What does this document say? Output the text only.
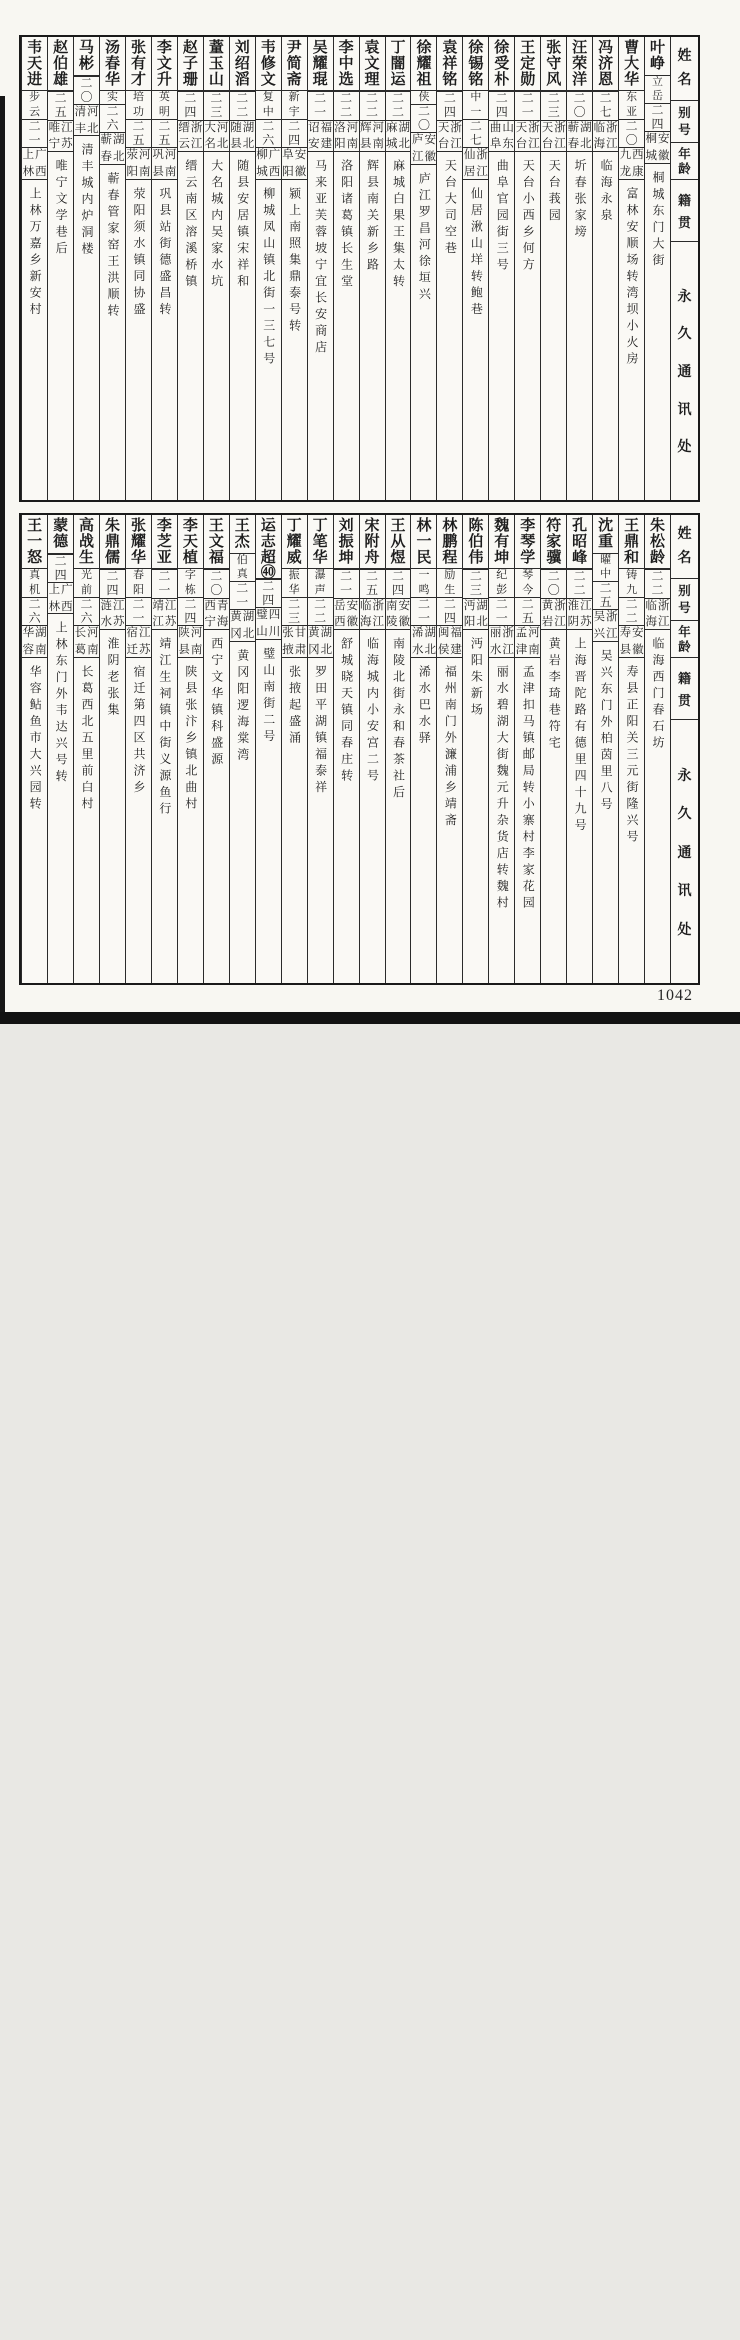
姓
名
别
号
年
龄
籍
贯
永
久
通
讯
处
叶
峥
立
岳
二
四
安
徽
桐
城
桐城东门大街
曹
大
华
东
亚
二
〇
西
康
九
龙
富林安顺场转湾坝小火房
冯
济
恩
二
七
浙
江
临
海
临海永泉
汪
荣
洋
二
〇
湖
北
蕲
春
圻春张家塝
张
守
风
二
三
浙
江
天
台
天台莪园
王
定
勋
二
一
浙
江
天
台
天台小西乡何方
徐
受
朴
二
四
山
东
曲
阜
曲阜官园街三号
徐
锡
铭
中
一
二
七
浙
江
仙
居
仙居湫山垟转鲍巷
袁
祥
铭
二
四
浙
江
天
台
天台大司空巷
徐
耀
祖
侠
二
〇
安
徽
庐
江
庐江罗昌河徐垣兴
丁
闇
运
二
二
湖
北
麻
城
麻城白果王集太转
袁
文
理
二
二
河
南
辉
县
辉县南关新乡路
李
中
选
二
二
河
南
洛
阳
洛阳诸葛镇长生堂
吴
耀
琨
二
一
福
建
诏
安
马来亚芙蓉坡宁宜长安商店
尹
简
斋
新
宇
二
四
安
徽
阜
阳
颍上南照集鼎泰号转
韦
修
文
复
中
二
六
广
西
柳
城
柳城凤山镇北街一三七号
刘
绍
滔
二
二
湖
北
随
县
随县安居镇宋祥和
蕫
玉
山
二
三
河
北
大
名
大名城内吴家水坑
赵
子
珊
二
四
浙
江
缙
云
缙云南区溶溪桥镇
李
文
升
英
明
二
五
河
南
巩
县
巩县站街德盛昌转
张
有
才
培
功
二
五
河
南
荥
阳
荥阳须水镇同协盛
汤
春
华
实
二
六
湖
北
蕲
春
蕲春管家窑王洪顺转
马
彬
二
〇
河
北
清
丰
清丰城内炉洞楼
赵
伯
雄
二
五
江
苏
唯
宁
唯宁文学巷后
韦
天
进
步
云
二
一
广
西
上
林
上林万嘉乡新安村
姓
名
别
号
年
龄
籍
贯
永
久
通
讯
处
朱
松
龄
二
二
浙
江
临
海
临海西门春石坊
王
鼎
和
铸
九
二
二
安
徽
寿
县
寿县正阳关三元街隆兴号
沈
重
曜
中
二
五
浙
江
吴
兴
吴兴东门外柏茵里八号
孔
昭
峰
二
二
江
苏
淮
阴
上海晋陀路有德里四十九号
符
家
骥
二
〇
浙
江
黄
岩
黄岩李琦巷符宅
李
琴
学
琴
今
二
五
河
南
孟
津
孟津扣马镇邮局转小寨村李家花园
魏
有
坤
纪
彭
二
一
浙
江
丽
水
丽水碧湖大街魏元升杂货店转魏村
陈
伯
伟
二
三
湖
北
沔
阳
沔阳朱新场
林
鹏
程
励
生
二
四
福
建
闽
侯
福州南门外濂浦乡靖斋
林
一
民
一
鸣
二
一
湖
北
浠
水
浠水巴水驿
王
从
煜
二
四
安
徽
南
陵
南陵北街永和春茶社后
宋
附
舟
二
五
浙
江
临
海
临海城内小安宫二号
刘
振
坤
二
一
安
徽
岳
西
舒城晓天镇同春庄转
丁
笔
华
瀑
声
二
二
湖
北
黄
冈
罗田平湖镇福泰祥
丁
耀
威
振
华
二
三
甘
肃
张
掖
张掖起盛涌
运
志
超
㊵
二
四
四
川
璧
山
璧山南街二号
王
杰
伯
真
二
一
湖
北
黄
冈
黄冈阳逻海棠湾
王
文
福
二
〇
青
海
西
宁
西宁文华镇科盛源
李
天
植
字
栋
二
四
河
南
陕
县
陕县张汴乡镇北曲村
李
芝
亚
二
一
江
苏
靖
江
靖江生祠镇中街义源鱼行
张
耀
华
春
阳
二
一
江
苏
宿
迁
宿迁第四区共济乡
朱
鼎
儒
二
四
江
苏
涟
水
淮阴老张集
高
战
生
光
前
二
六
河
南
长
葛
长葛西北五里前白村
蒙
德
二
四
广
西
上
林
上林东门外韦达兴号转
王
一
怒
真
机
二
六
湖
南
华
容
华容鲇鱼市大兴园转
1042
